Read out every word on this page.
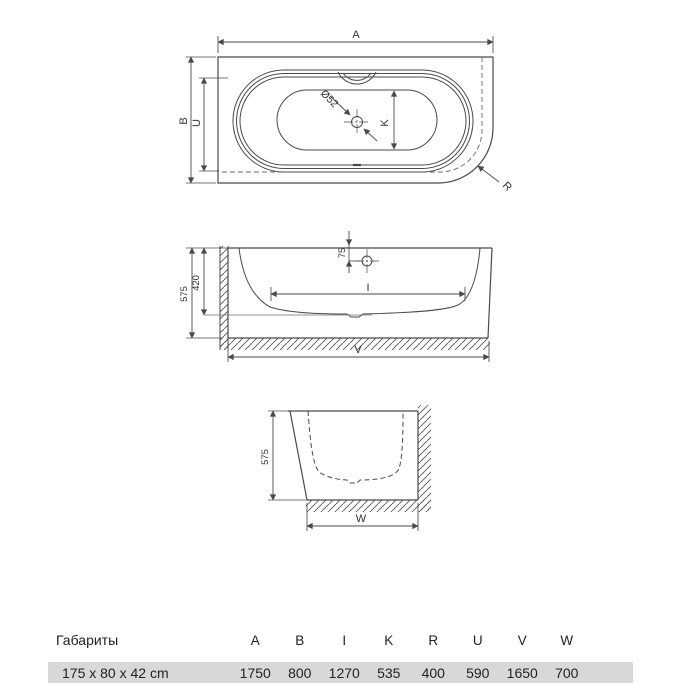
A
B U
Ø52
K
R
420
575
75
I
V
575
W
Габариты	A	B	I	K	R	U	V W
175 x 80 x 42 cm	1750 800 1270 535 400 590 1650 700
